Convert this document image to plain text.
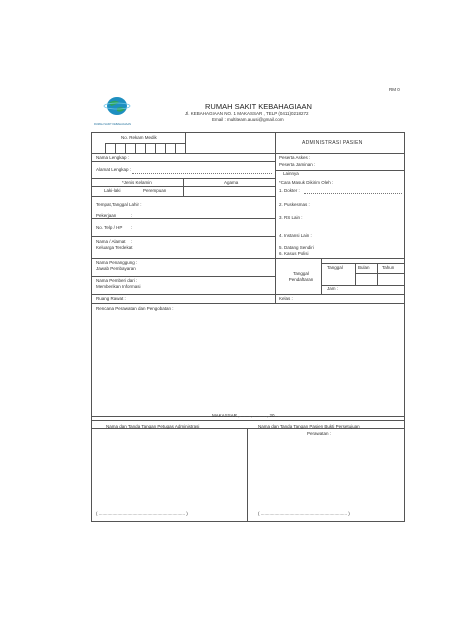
RM 0
RUMAH SAKIT KEBAHAGIAAN
RUMAH SAKIT KEBAHAGIAAN
Jl. KEBAHAGIAAN NO. 1 MAKASSAR , TELP (0411)0218272
Email : multiteam.auusi@gmail.com
No. Rekam Medik
ADMINISTRASI PASIEN
Nama Lengkap :
Alamat Lengkap :
*Jenis Kelamin	Agama
Laki-laki	Perempuan
Tempat,Tanggal Lahir :
Pekerjaan	:
No. Telp / HP :
Nama / Alamat :
Keluarga Terdekat
Nama Penanggung :
Jawab Pembayaran
Nama Pemberi dari :
Memberikan Informasi
Ruang Rawat :
Peserta Askes :
Peserta Jaminan :
Lainnya
*Cara Masuk Dikirim Oleh :
1. Dokter :
2. Puskesmas :
3. RS Lain :
4. Instansi Lain :
5. Datang Sendiri
6. Kasus Polisi
Tanggal	Bulan	Tahun
Tanggal Pendaftaran
Jam :
Kelas :
Rencana Perawatan dan Pengobatan :
MAKASSAR , ....... , .......... , 20...
Nama dan Tanda Tangan Petugas Administrasi	Nama dan Tanda Tangan Pasien Bukti Persetujuan
Perawatan :
( ..................................................................... )	( ..................................................................... )
